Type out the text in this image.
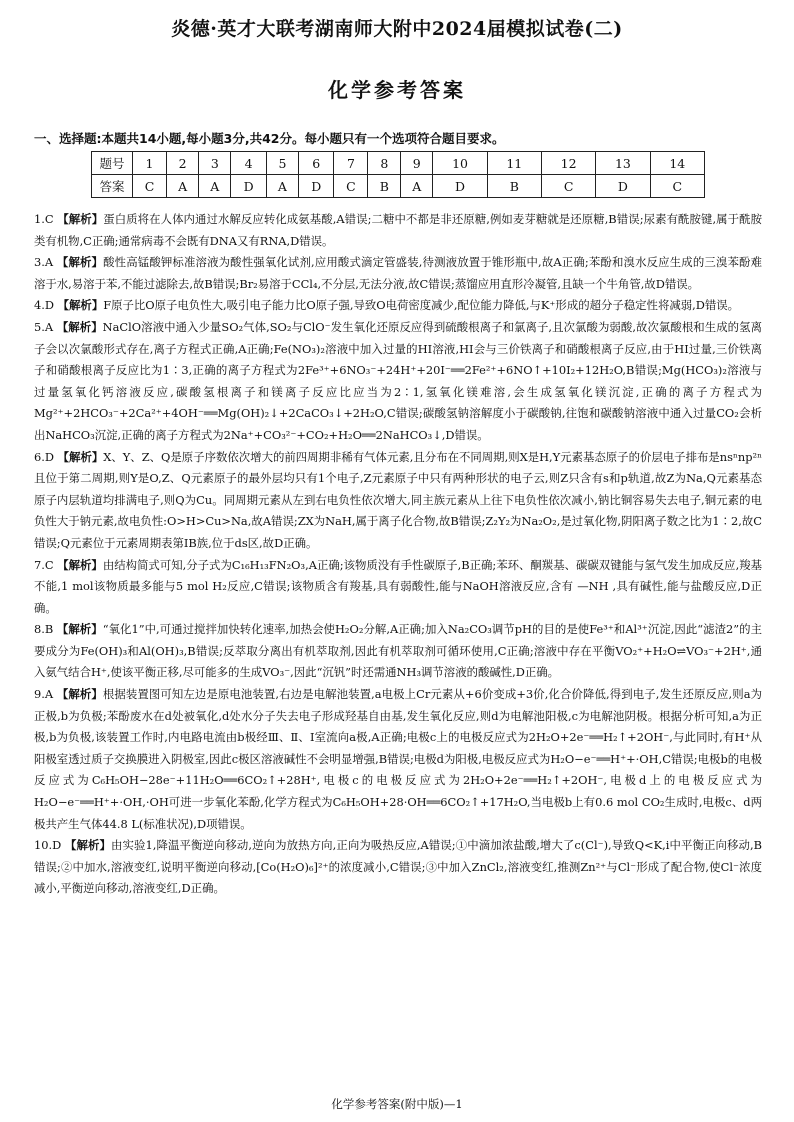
炎德·英才大联考湖南师大附中2024届模拟试卷(二)
化学参考答案
一、选择题:本题共14小题,每小题3分,共42分。每小题只有一个选项符合题目要求。
题号	1	2	3	4	5	6	7	8	9	10	11	12	13	14
答案	C	A	A	D	A	D	C	B	A	D	B	C	D	C

1.C 【解析】蛋白质将在人体内通过水解反应转化成氨基酸,A错误;二糖中不都是非还原糖,例如麦芽糖就是还原糖,B错误;尿素有酰胺键,属于酰胺类有机物,C正确;通常病毒不会既有DNA又有RNA,D错误。

3.A 【解析】酸性高锰酸钾标准溶液为酸性强氧化试剂,应用酸式滴定管盛装,待测液放置于锥形瓶中,故A正确;苯酚和溴水反应生成的三溴苯酚难溶于水,易溶于苯,不能过滤除去,故B错误;Br₂易溶于CCl₄,不分层,无法分液,故C错误;蒸馏应用直形冷凝管,且缺一个牛角管,故D错误。

4.D 【解析】F原子比O原子电负性大,吸引电子能力比O原子强,导致O电荷密度减少,配位能力降低,与K⁺形成的超分子稳定性将减弱,D错误。

5.A 【解析】NaClO溶液中通入少量SO₂气体,SO₂与ClO⁻发生氧化还原反应得到硫酸根离子和氯离子,且次氯酸为弱酸,故次氯酸根和生成的氢离子会以次氯酸形式存在,离子方程式正确,A正确;Fe(NO₃)₂溶液中加入过量的HI溶液,HI会与三价铁离子和硝酸根离子反应,由于HI过量,三价铁离子和硝酸根离子反应比为1∶3,正确的离子方程式为2Fe³⁺+6NO₃⁻+24H⁺+20I⁻══2Fe²⁺+6NO↑+10I₂+12H₂O,B错误;Mg(HCO₃)₂溶液与过量氢氧化钙溶液反应,碳酸氢根离子和镁离子反应比应当为2∶1,氢氧化镁难溶,会生成氢氧化镁沉淀,正确的离子方程式为Mg²⁺+2HCO₃⁻+2Ca²⁺+4OH⁻══Mg(OH)₂↓+2CaCO₃↓+2H₂O,C错误;碳酸氢钠溶解度小于碳酸钠,往饱和碳酸钠溶液中通入过量CO₂会析出NaHCO₃沉淀,正确的离子方程式为2Na⁺+CO₃²⁻+CO₂+H₂O══2NaHCO₃↓,D错误。

6.D 【解析】X、Y、Z、Q是原子序数依次增大的前四周期非稀有气体元素,且分布在不同周期,则X是H,Y元素基态原子的价层电子排布是nsⁿnp²ⁿ且位于第二周期,则Y是O,Z、Q元素原子的最外层均只有1个电子,Z元素原子中只有两种形状的电子云,则Z只含有s和p轨道,故Z为Na,Q元素基态原子内层轨道均排满电子,则Q为Cu。同周期元素从左到右电负性依次增大,同主族元素从上往下电负性依次减小,钠比铜容易失去电子,铜元素的电负性大于钠元素,故电负性:O>H>Cu>Na,故A错误;ZX为NaH,属于离子化合物,故B错误;Z₂Y₂为Na₂O₂,是过氧化物,阴阳离子数之比为1∶2,故C错误;Q元素位于元素周期表第ⅠB族,位于ds区,故D正确。

7.C 【解析】由结构简式可知,分子式为C₁₆H₁₃FN₂O₃,A正确;该物质没有手性碳原子,B正确;苯环、酮羰基、碳碳双键能与氢气发生加成反应,羧基不能,1 mol该物质最多能与5 mol H₂反应,C错误;该物质含有羧基,具有弱酸性,能与NaOH溶液反应,含有 —NH ,具有碱性,能与盐酸反应,D正确。

8.B 【解析】“氧化1”中,可通过搅拌加快转化速率,加热会使H₂O₂分解,A正确;加入Na₂CO₃调节pH的目的是使Fe³⁺和Al³⁺沉淀,因此“滤渣2”的主要成分为Fe(OH)₃和Al(OH)₃,B错误;反萃取分离出有机萃取剂,因此有机萃取剂可循环使用,C正确;溶液中存在平衡VO₂⁺+H₂O⇌VO₃⁻+2H⁺,通入氨气结合H⁺,使该平衡正移,尽可能多的生成VO₃⁻,因此“沉钒”时还需通NH₃调节溶液的酸碱性,D正确。

9.A 【解析】根据装置图可知左边是原电池装置,右边是电解池装置,a电极上Cr元素从+6价变成+3价,化合价降低,得到电子,发生还原反应,则a为正极,b为负极;苯酚废水在d处被氧化,d处水分子失去电子形成羟基自由基,发生氧化反应,则d为电解池阳极,c为电解池阴极。根据分析可知,a为正极,b为负极,该装置工作时,内电路电流由b极经Ⅲ、Ⅱ、Ⅰ室流向a极,A正确;电极c上的电极反应式为2H₂O+2e⁻══H₂↑+2OH⁻,与此同时,有H⁺从阳极室透过质子交换膜进入阴极室,因此c极区溶液碱性不会明显增强,B错误;电极d为阳极,电极反应式为H₂O−e⁻══H⁺+·OH,C错误;电极b的电极反应式为C₆H₅OH−28e⁻+11H₂O══6CO₂↑+28H⁺,电极c的电极反应式为2H₂O+2e⁻══H₂↑+2OH⁻,电极d上的电极反应式为H₂O−e⁻══H⁺+·OH,·OH可进一步氧化苯酚,化学方程式为C₆H₅OH+28·OH══6CO₂↑+17H₂O,当电极b上有0.6 mol CO₂生成时,电极c、d两极共产生气体44.8 L(标准状况),D项错误。

10.D 【解析】由实验1,降温平衡逆向移动,逆向为放热方向,正向为吸热反应,A错误;①中滴加浓盐酸,增大了c(Cl⁻),导致Q<K,i中平衡正向移动,B错误;②中加水,溶液变红,说明平衡逆向移动,[Co(H₂O)₆]²⁺的浓度减小,C错误;③中加入ZnCl₂,溶液变红,推测Zn²⁺与Cl⁻形成了配合物,使Cl⁻浓度减小,平衡逆向移动,溶液变红,D正确。

化学参考答案(附中版)—1
